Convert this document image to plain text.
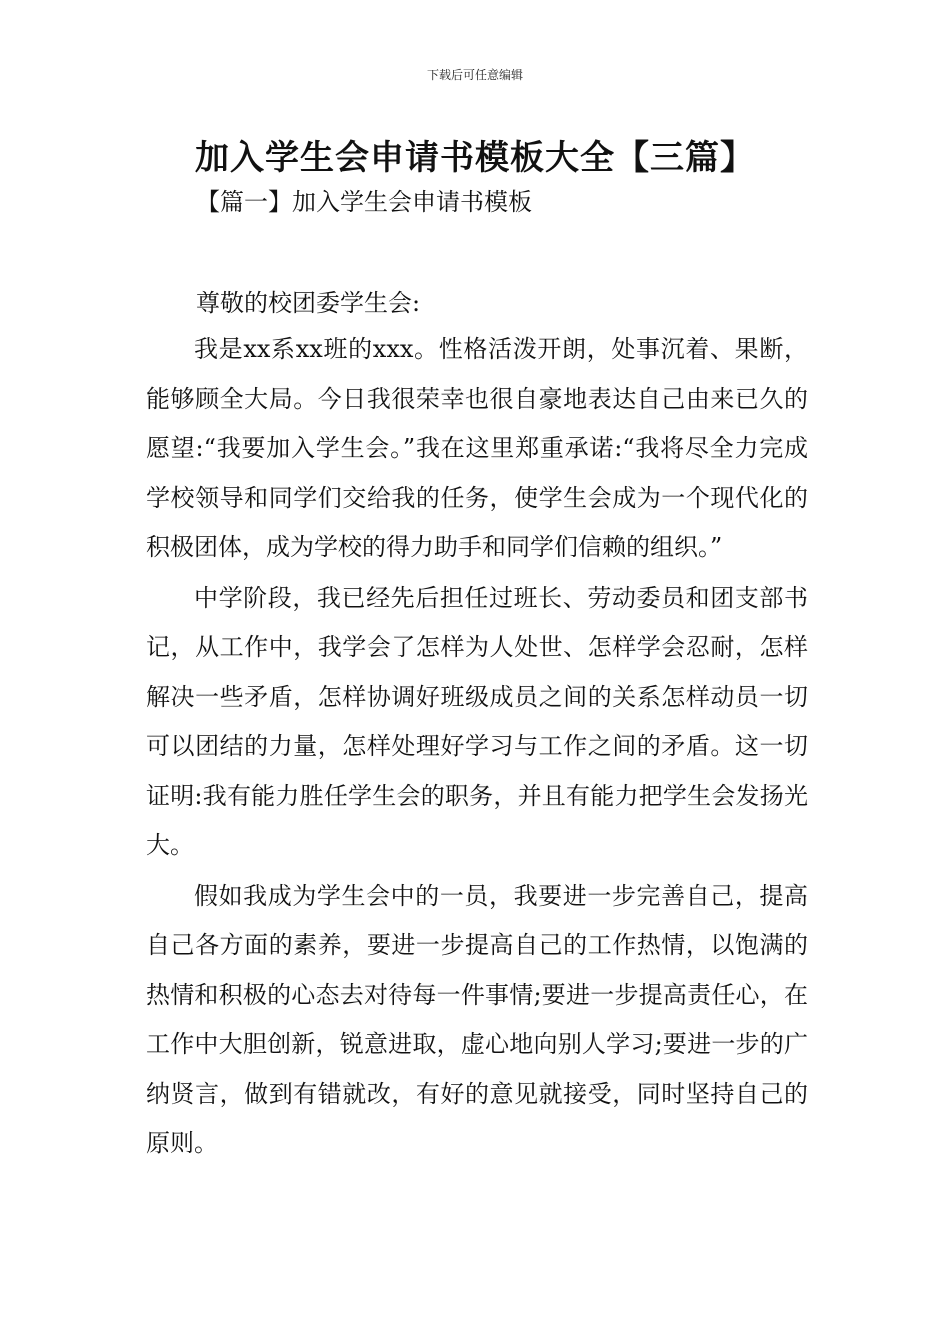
下载后可任意编辑
加入学生会申请书模板大全【三篇】
【篇一】加入学生会申请书模板
尊敬的校团委学生会:

我是xx系xx班的xxx。性格活泼开朗，处事沉着、果断，能够顾全大局。今日我很荣幸也很自豪地表达自己由来已久的愿望:“我要加入学生会。”我在这里郑重承诺:“我将尽全力完成学校领导和同学们交给我的任务，使学生会成为一个现代化的积极团体，成为学校的得力助手和同学们信赖的组织。”

中学阶段，我已经先后担任过班长、劳动委员和团支部书记，从工作中，我学会了怎样为人处世、怎样学会忍耐，怎样解决一些矛盾，怎样协调好班级成员之间的关系怎样动员一切可以团结的力量，怎样处理好学习与工作之间的矛盾。这一切证明:我有能力胜任学生会的职务，并且有能力把学生会发扬光大。

假如我成为学生会中的一员，我要进一步完善自己，提高自己各方面的素养，要进一步提高自己的工作热情，以饱满的热情和积极的心态去对待每一件事情;要进一步提高责任心，在工作中大胆创新，锐意进取，虚心地向别人学习;要进一步的广纳贤言，做到有错就改，有好的意见就接受，同时坚持自己的原则。
